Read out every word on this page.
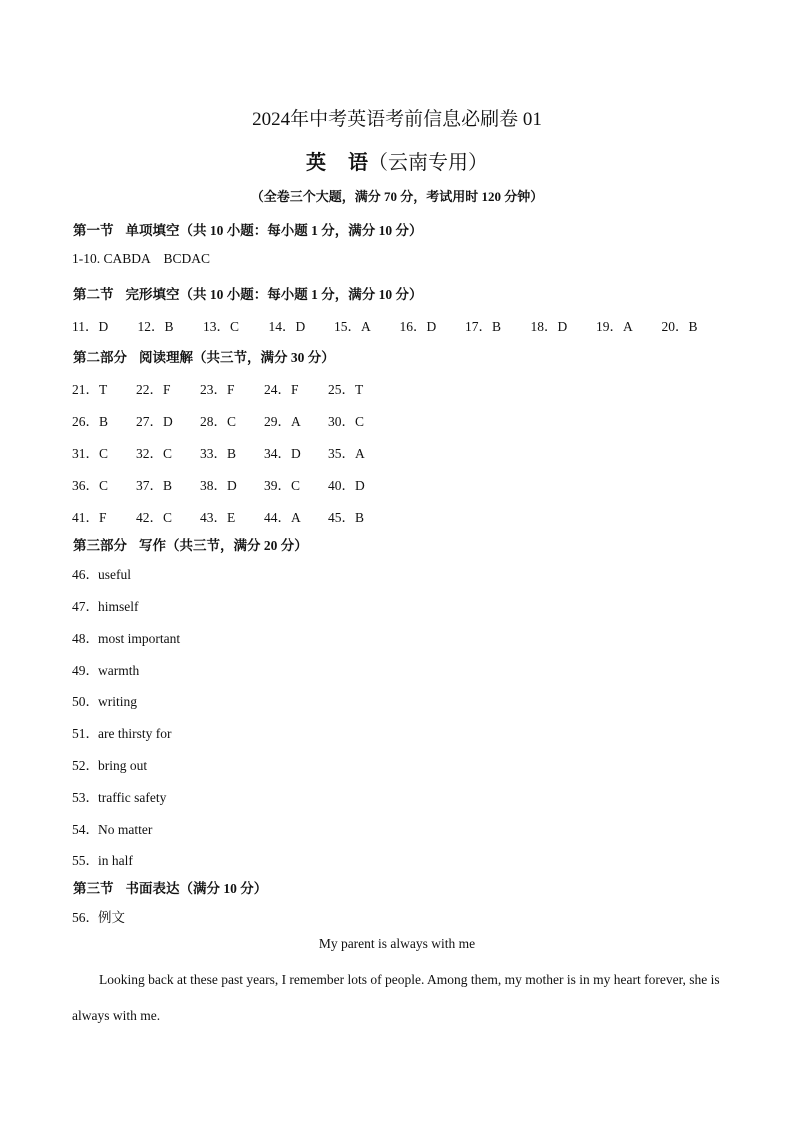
2024年中考英语考前信息必刷卷 01
英 语（云南专用）
（全卷三个大题，满分 70 分，考试用时 120 分钟）
第一节 单项填空（共 10 小题：每小题 1 分，满分 10 分）
1-10. CABDA    BCDAC
第二节 完形填空（共 10 小题：每小题 1 分，满分 10 分）
11．D 12．B 13．C 14．D 15．A 16．D 17．B 18．D 19．A 20．B
第二部分 阅读理解（共三节，满分 30 分）
21．T 22．F 23．F 24．F 25．T
26．B 27．D 28．C 29．A 30．C
31．C 32．C 33．B 34．D 35．A
36．C 37．B 38．D 39．C 40．D
41．F 42．C 43．E 44．A 45．B
第三部分 写作（共三节，满分 20 分）
46．useful
47．himself
48．most important
49．warmth
50．writing
51．are thirsty for
52．bring out
53．traffic safety
54．No matter
55．in half
第三节 书面表达（满分 10 分）
56．例文
My parent is always with me
Looking back at these past years, I remember lots of people. Among them, my mother is in my heart forever, she is always with me.
